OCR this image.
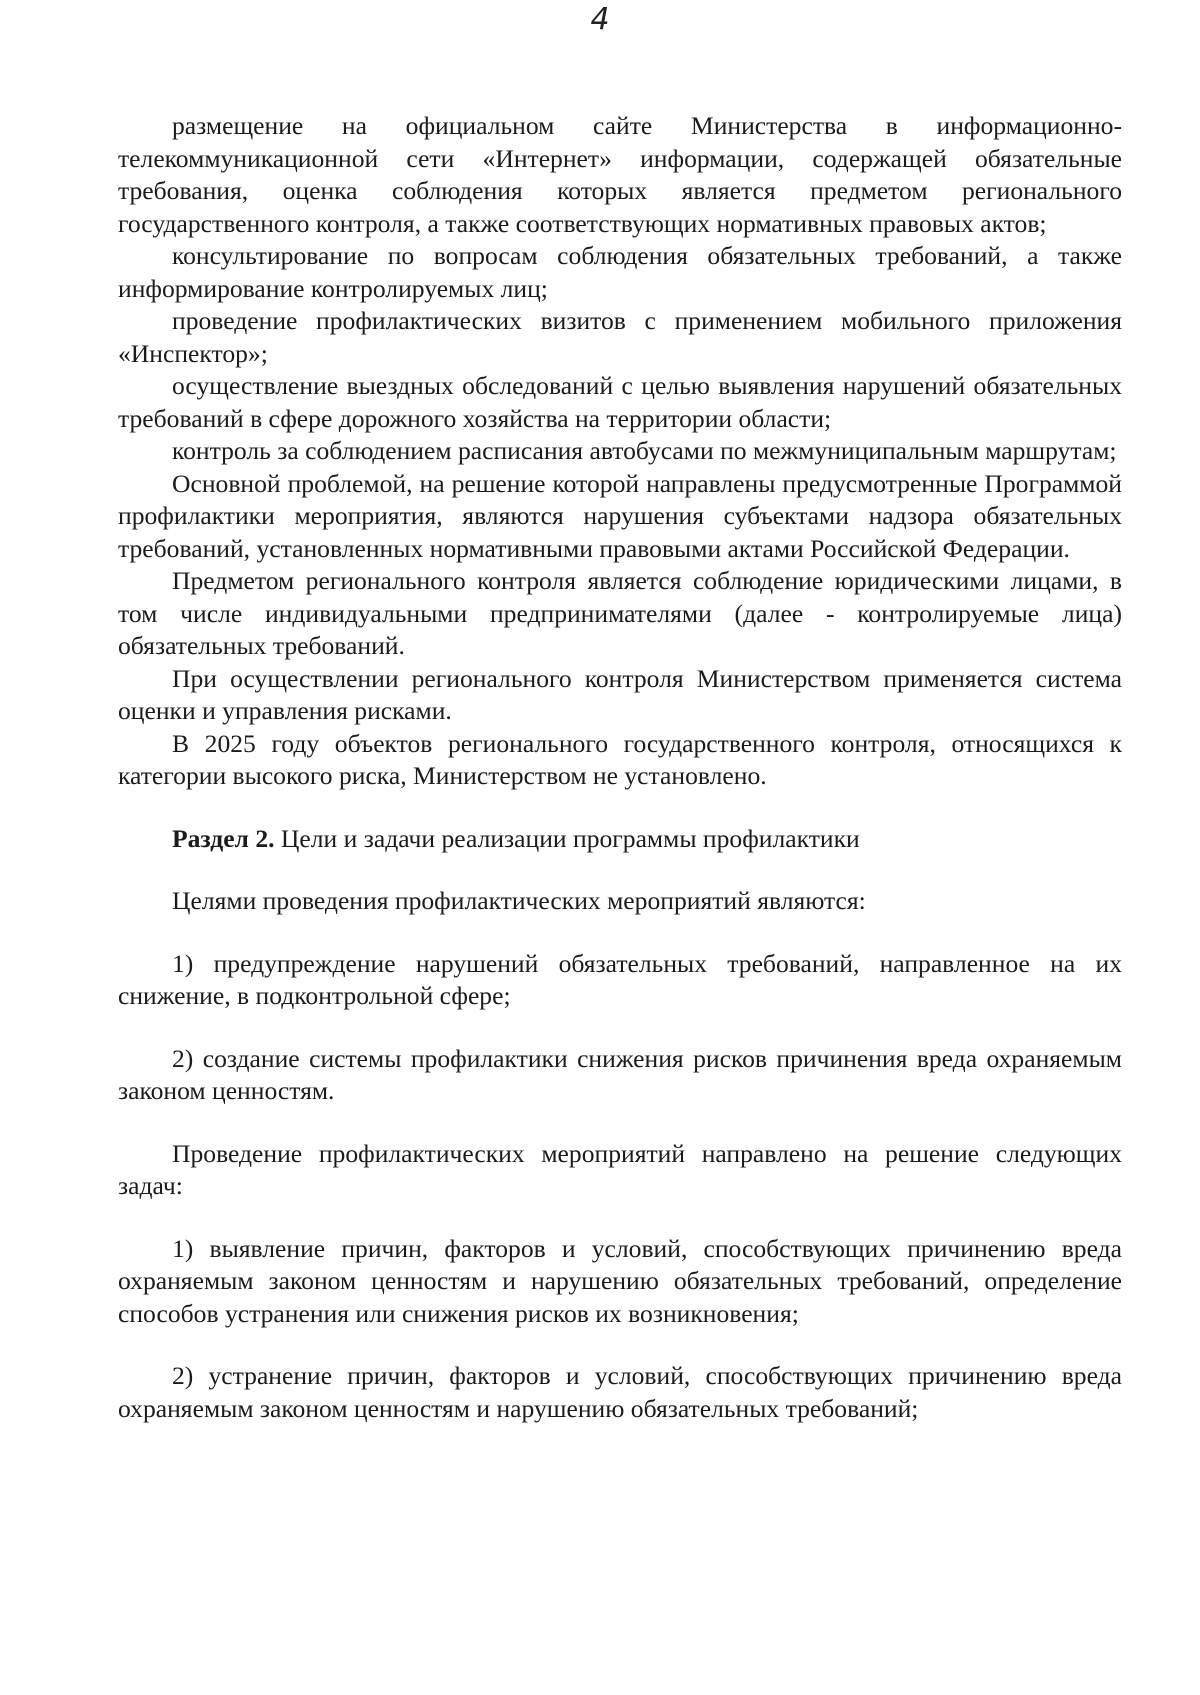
4

размещение на официальном сайте Министерства в информационно-телекоммуникационной сети «Интернет» информации, содержащей обязательные требования, оценка соблюдения которых является предметом регионального государственного контроля, а также соответствующих нормативных правовых актов;

консультирование по вопросам соблюдения обязательных требований, а также информирование контролируемых лиц;

проведение профилактических визитов с применением мобильного приложения «Инспектор»;

осуществление выездных обследований с целью выявления нарушений обязательных требований в сфере дорожного хозяйства на территории области;

контроль за соблюдением расписания автобусами по межмуниципальным маршрутам;

Основной проблемой, на решение которой направлены предусмотренные Программой профилактики мероприятия, являются нарушения субъектами надзора обязательных требований, установленных нормативными правовыми актами Российской Федерации.

Предметом регионального контроля является соблюдение юридическими лицами, в том числе индивидуальными предпринимателями (далее - контролируемые лица) обязательных требований.

При осуществлении регионального контроля Министерством применяется система оценки и управления рисками.

В 2025 году объектов регионального государственного контроля, относящихся к категории высокого риска, Министерством не установлено.

Раздел 2. Цели и задачи реализации программы профилактики

Целями проведения профилактических мероприятий являются:

1) предупреждение нарушений обязательных требований, направленное на их снижение, в подконтрольной сфере;

2) создание системы профилактики снижения рисков причинения вреда охраняемым законом ценностям.

Проведение профилактических мероприятий направлено на решение следующих задач:

1) выявление причин, факторов и условий, способствующих причинению вреда охраняемым законом ценностям и нарушению обязательных требований, определение способов устранения или снижения рисков их возникновения;

2) устранение причин, факторов и условий, способствующих причинению вреда охраняемым законом ценностям и нарушению обязательных требований;
